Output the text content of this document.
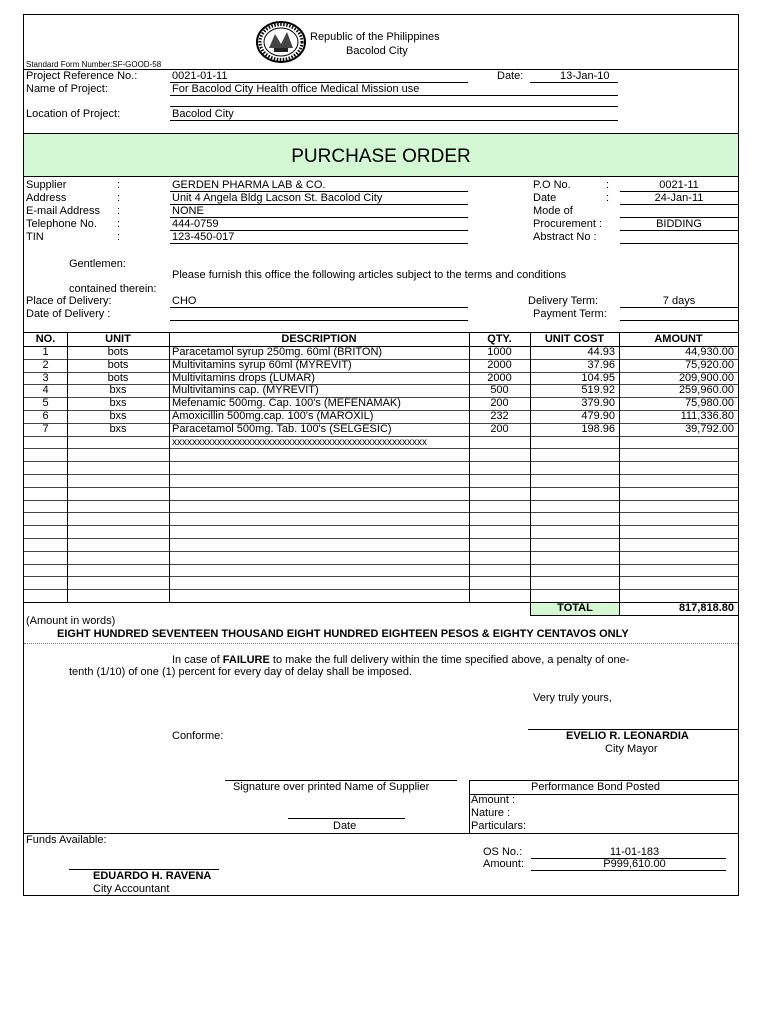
Republic of the Philippines
Bacolod City
Standard Form Number:SF-GOOD-58
Project Reference No.:	0021-01-11	Date:	13-Jan-10
Name of Project:	For Bacolod City Health office Medical Mission use
Location of Project:	Bacolod City
PURCHASE ORDER
Supplier	:	GERDEN PHARMA LAB & CO.
Address	:	Unit 4 Angela Bldg Lacson St. Bacolod City
E-mail Address :	NONE
Telephone No. :	444-0759
TIN	:	123-450-017
P.O No.	:	0021-11
Date	:	24-Jan-11
Mode of
Procurement :	BIDDING
Abstract No :
Gentlemen:
Please furnish this office the following articles subject to the terms and conditions
contained therein:
Place of Delivery:	CHO	Delivery Term:	7 days
Date of Delivery :	Payment Term:
NO.	UNIT	DESCRIPTION	QTY.	UNIT COST	AMOUNT
1	bots	Paracetamol syrup 250mg. 60ml (BRITON)	1000	44.93	44,930.00
2	bots	Multivitamins syrup 60ml (MYREVIT)	2000	37.96	75,920.00
3	bots	Multivitamins drops (LUMAR)	2000	104.95	209,900.00
4	bxs	Multivitamins cap. (MYREVIT)	500	519.92	259,960.00
5	bxs	Mefenamic 500mg. Cap. 100's (MEFENAMAK)	200	379.90	75,980.00
6	bxs	Amoxicillin 500mg.cap. 100's (MAROXIL)	232	479.90	111,336.80
7	bxs	Paracetamol 500mg. Tab. 100's (SELGESIC)	200	198.96	39,792.00
xxxxxxxxxxxxxxxxxxxxxxxxxxxxxxxxxxxxxxxxxxxxxxxxxxx
TOTAL	817,818.80
(Amount in words)
EIGHT HUNDRED SEVENTEEN THOUSAND EIGHT HUNDRED EIGHTEEN PESOS & EIGHTY CENTAVOS ONLY
In case of FAILURE to make the full delivery within the time specified above, a penalty of one-
tenth (1/10) of one (1) percent for every day of delay shall be imposed.
Very truly yours,
Conforme:	EVELIO R. LEONARDIA
City Mayor
Signature over printed Name of Supplier
Date
Performance Bond Posted
Amount :
Nature :
Particulars:
Funds Available:
EDUARDO H. RAVENA
City Accountant
OS No.:	11-01-183
Amount:	P999,610.00
